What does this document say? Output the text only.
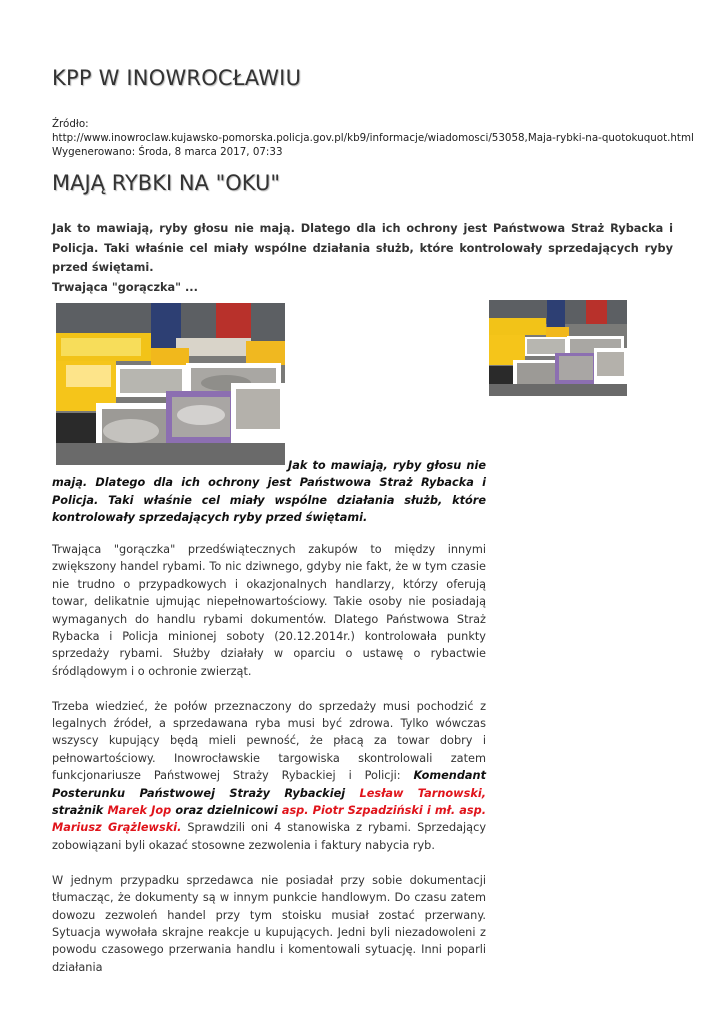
KPP W INOWROCŁAWIU
Źródło:
http://www.inowroclaw.kujawsko-pomorska.policja.gov.pl/kb9/informacje/wiadomosci/53058,Maja-rybki-na-quotokuquot.html
Wygenerowano: Środa, 8 marca 2017, 07:33
MAJĄ RYBKI NA "OKU"

Jak to mawiają, ryby głosu nie mają. Dlatego dla ich ochrony jest Państwowa Straż Rybacka i Policja. Taki właśnie cel miały wspólne działania służb, które kontrolowały sprzedających ryby przed świętami.

Trwająca "gorączka" ...

Jak to mawiają, ryby głosu nie mają. Dlatego dla ich ochrony jest Państwowa Straż Rybacka i Policja. Taki właśnie cel miały wspólne działania służb, które kontrolowały sprzedających ryby przed świętami.

Trwająca "gorączka" przedświątecznych zakupów to między innymi zwiększony handel rybami. To nic dziwnego, gdyby nie fakt, że w tym czasie nie trudno o przypadkowych i okazjonalnych handlarzy, którzy oferują towar, delikatnie ujmując niepełnowartościowy. Takie osoby nie posiadają wymaganych do handlu rybami dokumentów. Dlatego Państwowa Straż Rybacka i Policja minionej soboty (20.12.2014r.) kontrolowała punkty sprzedaży rybami. Służby działały w oparciu o ustawę o rybactwie śródlądowym i o ochronie zwierząt.

Trzeba wiedzieć, że połów przeznaczony do sprzedaży musi pochodzić z legalnych źródeł, a sprzedawana ryba musi być zdrowa. Tylko wówczas wszyscy kupujący będą mieli pewność, że płacą za towar dobry i pełnowartościowy. Inowrocławskie targowiska skontrolowali zatem funkcjonariusze Państwowej Straży Rybackiej i Policji: Komendant Posterunku Państwowej Straży Rybackiej Lesław Tarnowski, strażnik Marek Jop oraz dzielnicowi asp. Piotr Szpadziński i mł. asp. Mariusz Grążlewski. Sprawdzili oni 4 stanowiska z rybami. Sprzedający zobowiązani byli okazać stosowne zezwolenia i faktury nabycia ryb.

W jednym przypadku sprzedawca nie posiadał przy sobie dokumentacji tłumacząc, że dokumenty są w innym punkcie handlowym. Do czasu zatem dowozu zezwoleń handel przy tym stoisku musiał zostać przerwany. Sytuacja wywołała skrajne reakcje u kupujących. Jedni byli niezadowoleni z powodu czasowego przerwania handlu i komentowali sytuację. Inni poparli działania
